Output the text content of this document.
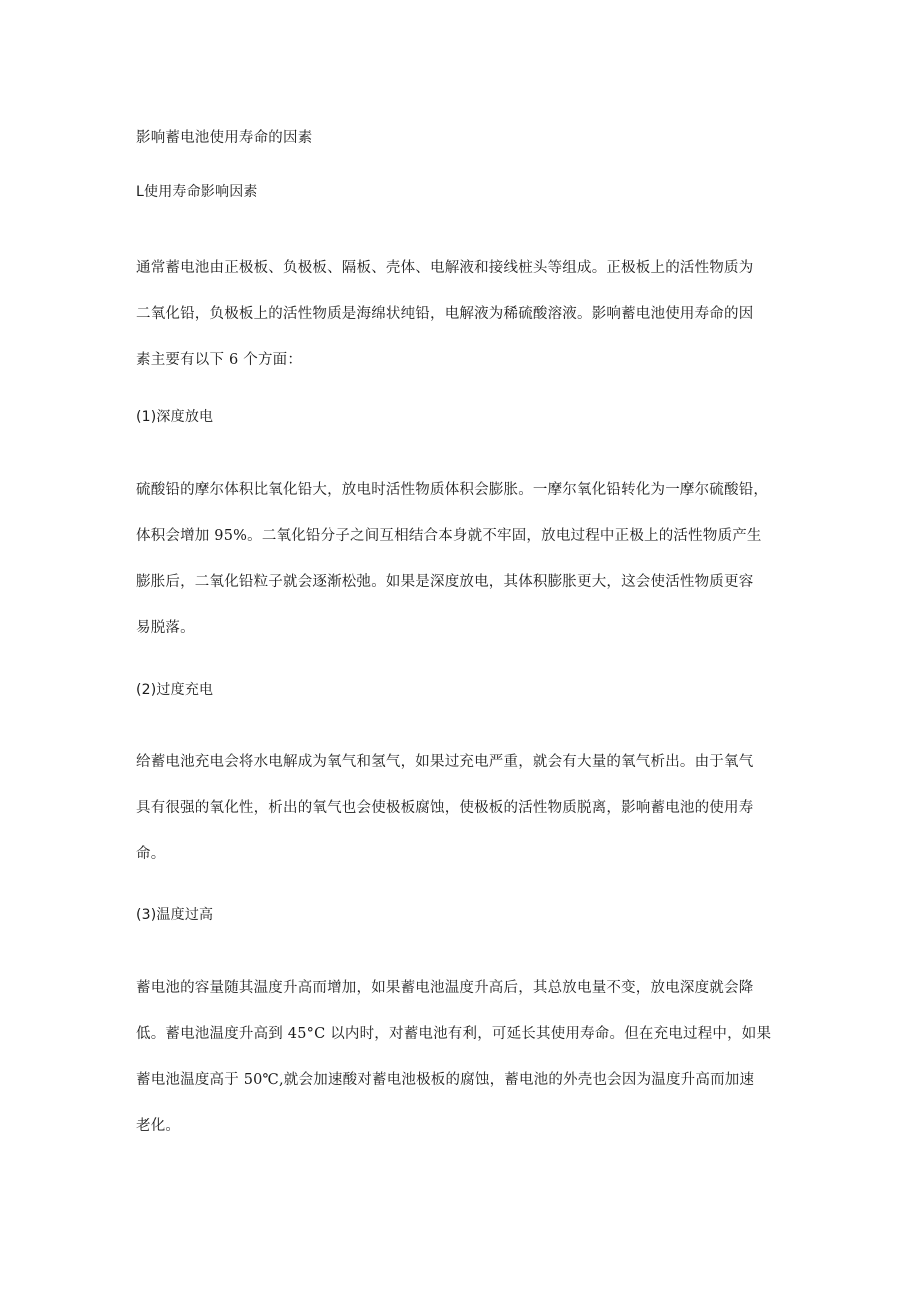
影响蓄电池使用寿命的因素
L使用寿命影响因素
通常蓄电池由正极板、负极板、隔板、壳体、电解液和接线桩头等组成。正极板上的活性物质为
二氧化铅，负极板上的活性物质是海绵状纯铅，电解液为稀硫酸溶液。影响蓄电池使用寿命的因
素主要有以下 6 个方面：
(1)深度放电
硫酸铅的摩尔体积比氧化铅大，放电时活性物质体积会膨胀。一摩尔氧化铅转化为一摩尔硫酸铅，
体积会增加 95%。二氧化铅分子之间互相结合本身就不牢固，放电过程中正极上的活性物质产生
膨胀后，二氧化铅粒子就会逐渐松弛。如果是深度放电，其体积膨胀更大，这会使活性物质更容
易脱落。
(2)过度充电
给蓄电池充电会将水电解成为氧气和氢气，如果过充电严重，就会有大量的氧气析出。由于氧气
具有很强的氧化性，析出的氧气也会使极板腐蚀，使极板的活性物质脱离，影响蓄电池的使用寿
命。
(3)温度过高
蓄电池的容量随其温度升高而增加，如果蓄电池温度升高后，其总放电量不变，放电深度就会降
低。蓄电池温度升高到 45°C 以内时，对蓄电池有利，可延长其使用寿命。但在充电过程中，如果
蓄电池温度高于 50℃,就会加速酸对蓄电池极板的腐蚀，蓄电池的外壳也会因为温度升高而加速
老化。
